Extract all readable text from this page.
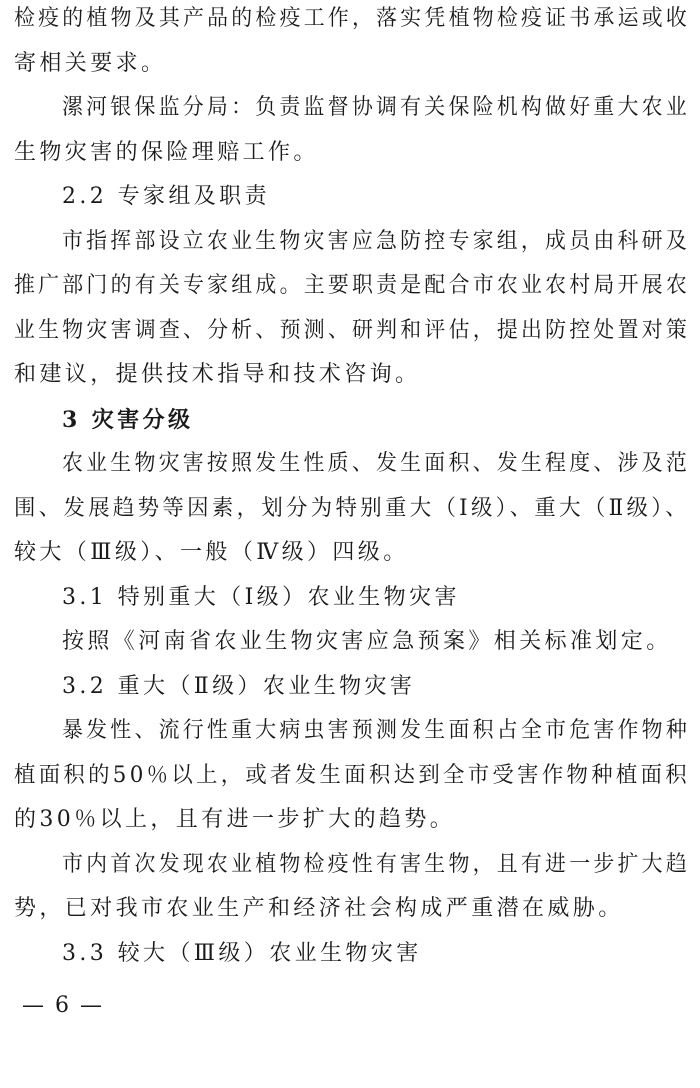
检疫的植物及其产品的检疫工作，落实凭植物检疫证书承运或收
寄相关要求。
漯河银保监分局：负责监督协调有关保险机构做好重大农业
生物灾害的保险理赔工作。
2.2 专家组及职责
市指挥部设立农业生物灾害应急防控专家组，成员由科研及
推广部门的有关专家组成。主要职责是配合市农业农村局开展农
业生物灾害调查、分析、预测、研判和评估，提出防控处置对策
和建议，提供技术指导和技术咨询。
3 灾害分级
农业生物灾害按照发生性质、发生面积、发生程度、涉及范
围、发展趋势等因素，划分为特别重大（Ⅰ级）、重大（Ⅱ级）、
较大（Ⅲ级）、一般（Ⅳ级）四级。
3.1 特别重大（Ⅰ级）农业生物灾害
按照《河南省农业生物灾害应急预案》相关标准划定。
3.2 重大（Ⅱ级）农业生物灾害
暴发性、流行性重大病虫害预测发生面积占全市危害作物种
植面积的50％以上，或者发生面积达到全市受害作物种植面积
的30％以上，且有进一步扩大的趋势。
市内首次发现农业植物检疫性有害生物，且有进一步扩大趋
势，已对我市农业生产和经济社会构成严重潜在威胁。
3.3 较大（Ⅲ级）农业生物灾害
— 6 —
